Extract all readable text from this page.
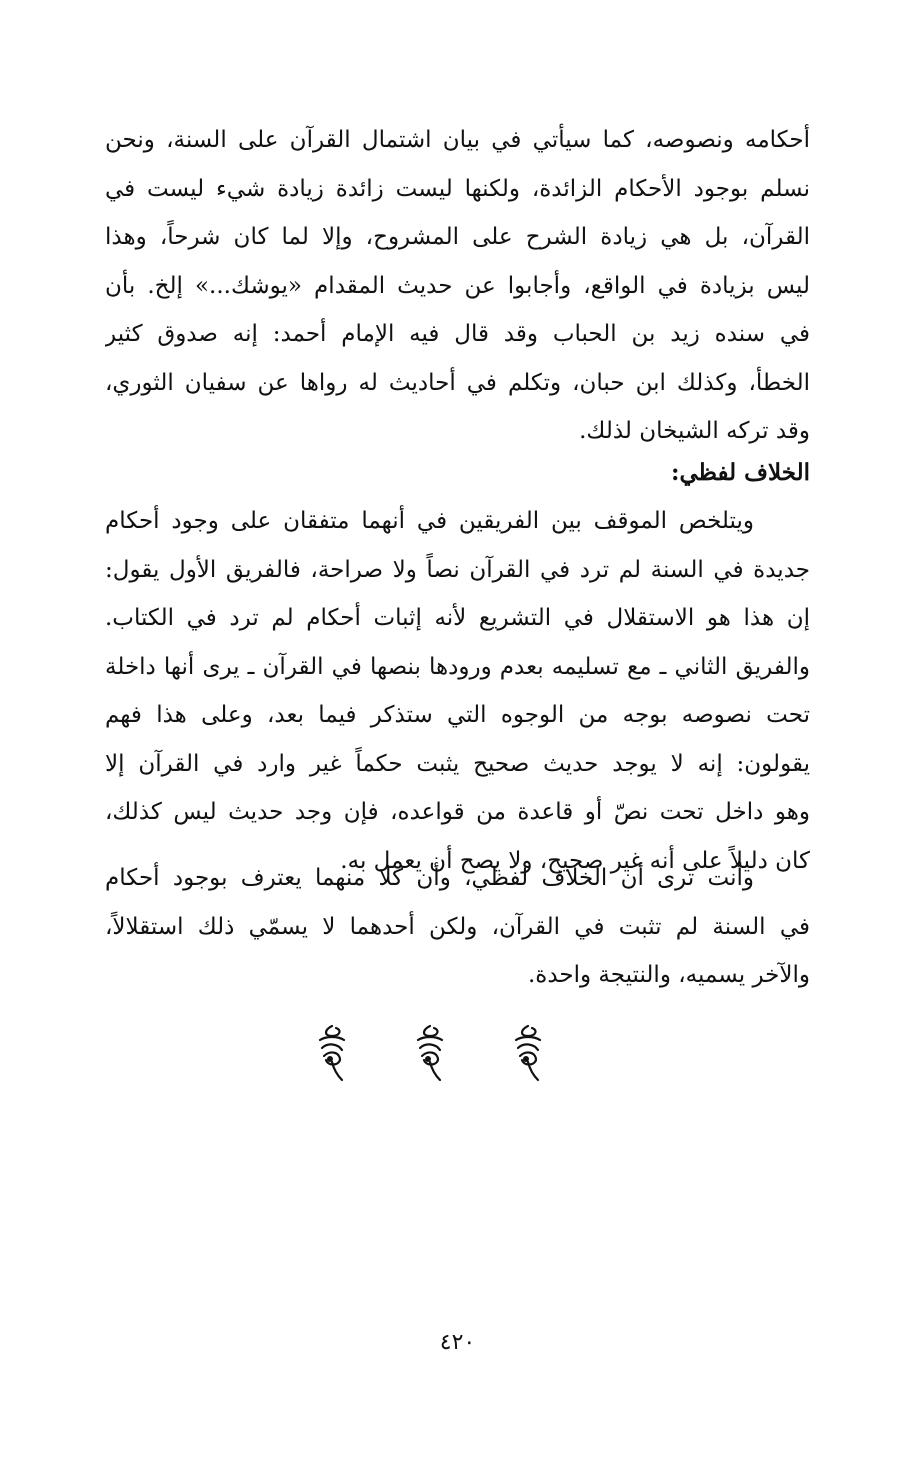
أحكامه ونصوصه، كما سيأتي في بيان اشتمال القرآن على السنة، ونحن
نسلم بوجود الأحكام الزائدة، ولكنها ليست زائدة زيادة شيء ليست في
القرآن، بل هي زيادة الشرح على المشروح، وإلا لما كان شرحاً، وهذا
ليس بزيادة في الواقع، وأجابوا عن حديث المقدام «يوشك...» إلخ. بأن
في سنده زيد بن الحباب وقد قال فيه الإمام أحمد: إنه صدوق كثير
الخطأ، وكذلك ابن حبان، وتكلم في أحاديث له رواها عن سفيان الثوري،
وقد تركه الشيخان لذلك.
الخلاف لفظي:
ويتلخص الموقف بين الفريقين في أنهما متفقان على وجود أحكام
جديدة في السنة لم ترد في القرآن نصاً ولا صراحة، فالفريق الأول يقول:
إن هذا هو الاستقلال في التشريع لأنه إثبات أحكام لم ترد في الكتاب.
والفريق الثاني ـ مع تسليمه بعدم ورودها بنصها في القرآن ـ يرى أنها داخلة
تحت نصوصه بوجه من الوجوه التي ستذكر فيما بعد، وعلى هذا فهم
يقولون: إنه لا يوجد حديث صحيح يثبت حكماً غير وارد في القرآن إلا
وهو داخل تحت نصّ أو قاعدة من قواعده، فإن وجد حديث ليس كذلك،
كان دليلاً على أنه غير صحيح، ولا يصح أن يعمل به.
وأنت ترى أن الخلاف لفظي، وأن كلا منهما يعترف بوجود أحكام
في السنة لم تثبت في القرآن، ولكن أحدهما لا يسمّي ذلك استقلالاً،
والآخر يسميه، والنتيجة واحدة.
٤٢٠
